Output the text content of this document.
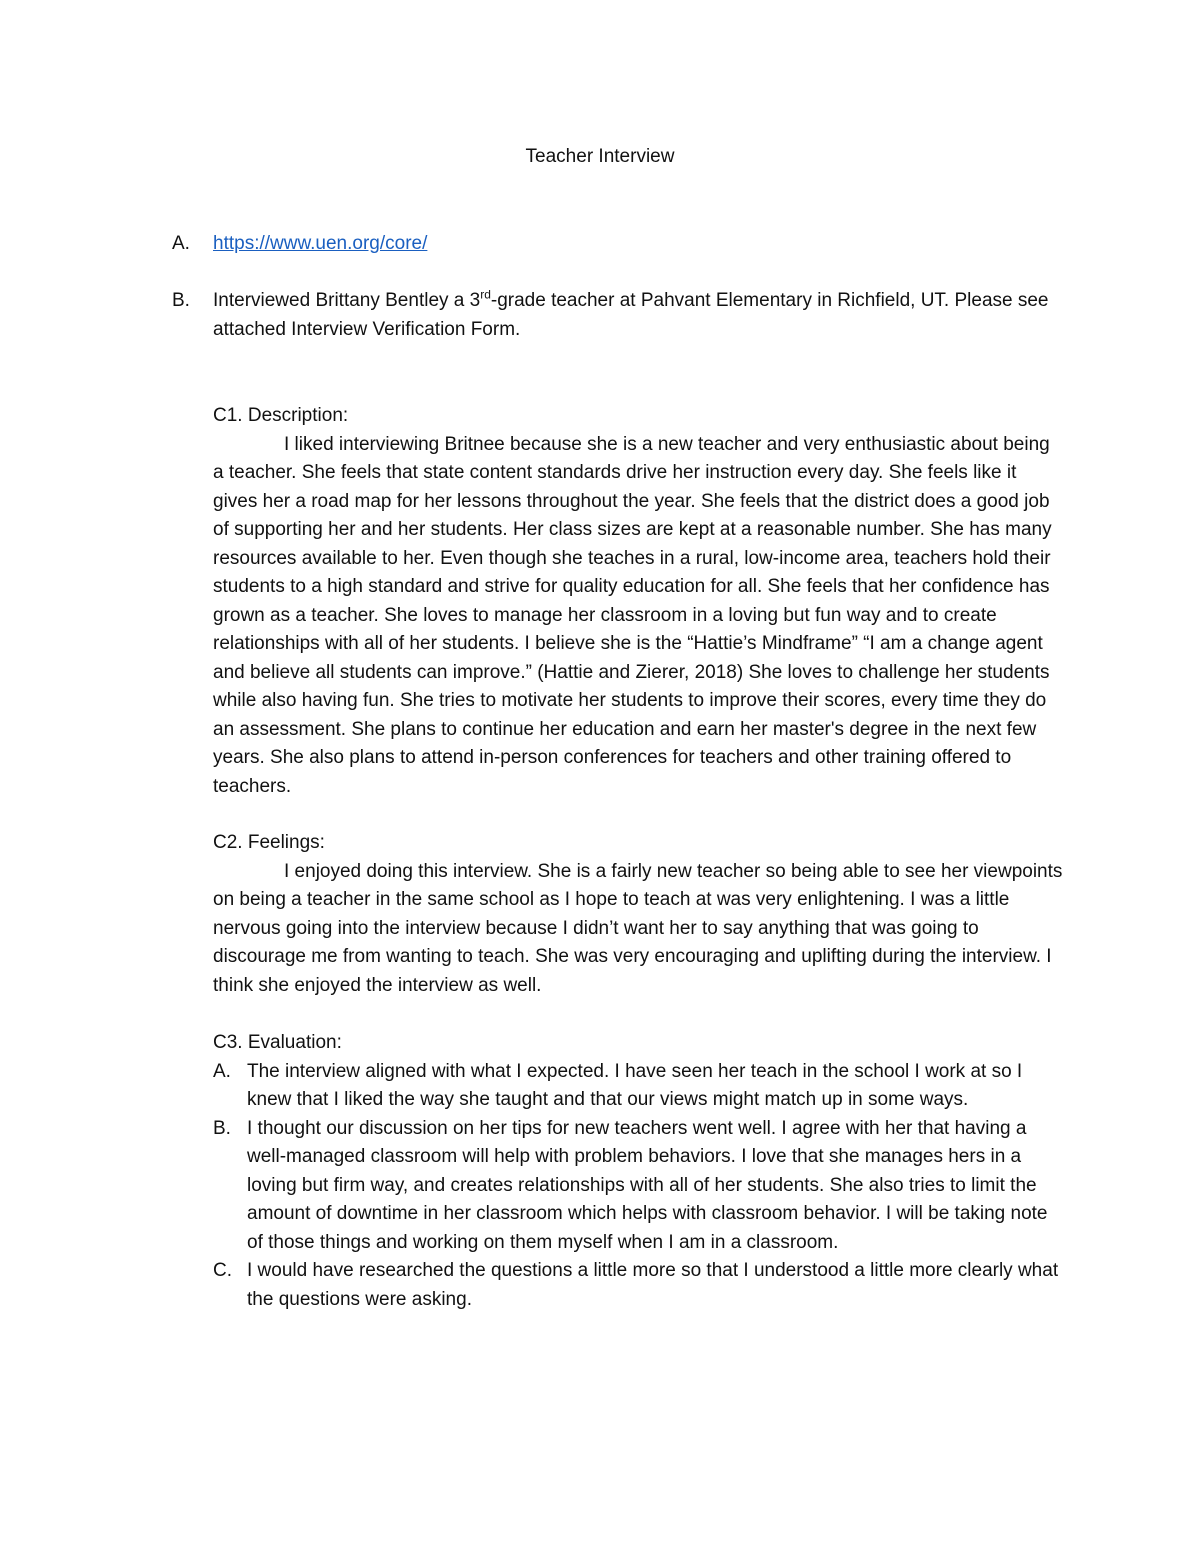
Teacher Interview
A.	https://www.uen.org/core/
B.	Interviewed Brittany Bentley a 3rd-grade teacher at Pahvant Elementary in Richfield, UT. Please see attached Interview Verification Form.
C1. Description:

I liked interviewing Britnee because she is a new teacher and very enthusiastic about being a teacher. She feels that state content standards drive her instruction every day. She feels like it gives her a road map for her lessons throughout the year. She feels that the district does a good job of supporting her and her students. Her class sizes are kept at a reasonable number. She has many resources available to her. Even though she teaches in a rural, low-income area, teachers hold their students to a high standard and strive for quality education for all. She feels that her confidence has grown as a teacher. She loves to manage her classroom in a loving but fun way and to create relationships with all of her students. I believe she is the “Hattie’s Mindframe” “I am a change agent and believe all students can improve.” (Hattie and Zierer, 2018) She loves to challenge her students while also having fun. She tries to motivate her students to improve their scores, every time they do an assessment. She plans to continue her education and earn her master's degree in the next few years. She also plans to attend in-person conferences for teachers and other training offered to teachers.

C2. Feelings:

I enjoyed doing this interview. She is a fairly new teacher so being able to see her viewpoints on being a teacher in the same school as I hope to teach at was very enlightening. I was a little nervous going into the interview because I didn’t want her to say anything that was going to discourage me from wanting to teach. She was very encouraging and uplifting during the interview. I think she enjoyed the interview as well.

C3. Evaluation:
A. The interview aligned with what I expected. I have seen her teach in the school I work at so I knew that I liked the way she taught and that our views might match up in some ways.
B. I thought our discussion on her tips for new teachers went well. I agree with her that having a well-managed classroom will help with problem behaviors. I love that she manages hers in a loving but firm way, and creates relationships with all of her students. She also tries to limit the amount of downtime in her classroom which helps with classroom behavior. I will be taking note of those things and working on them myself when I am in a classroom.
C. I would have researched the questions a little more so that I understood a little more clearly what the questions were asking.
